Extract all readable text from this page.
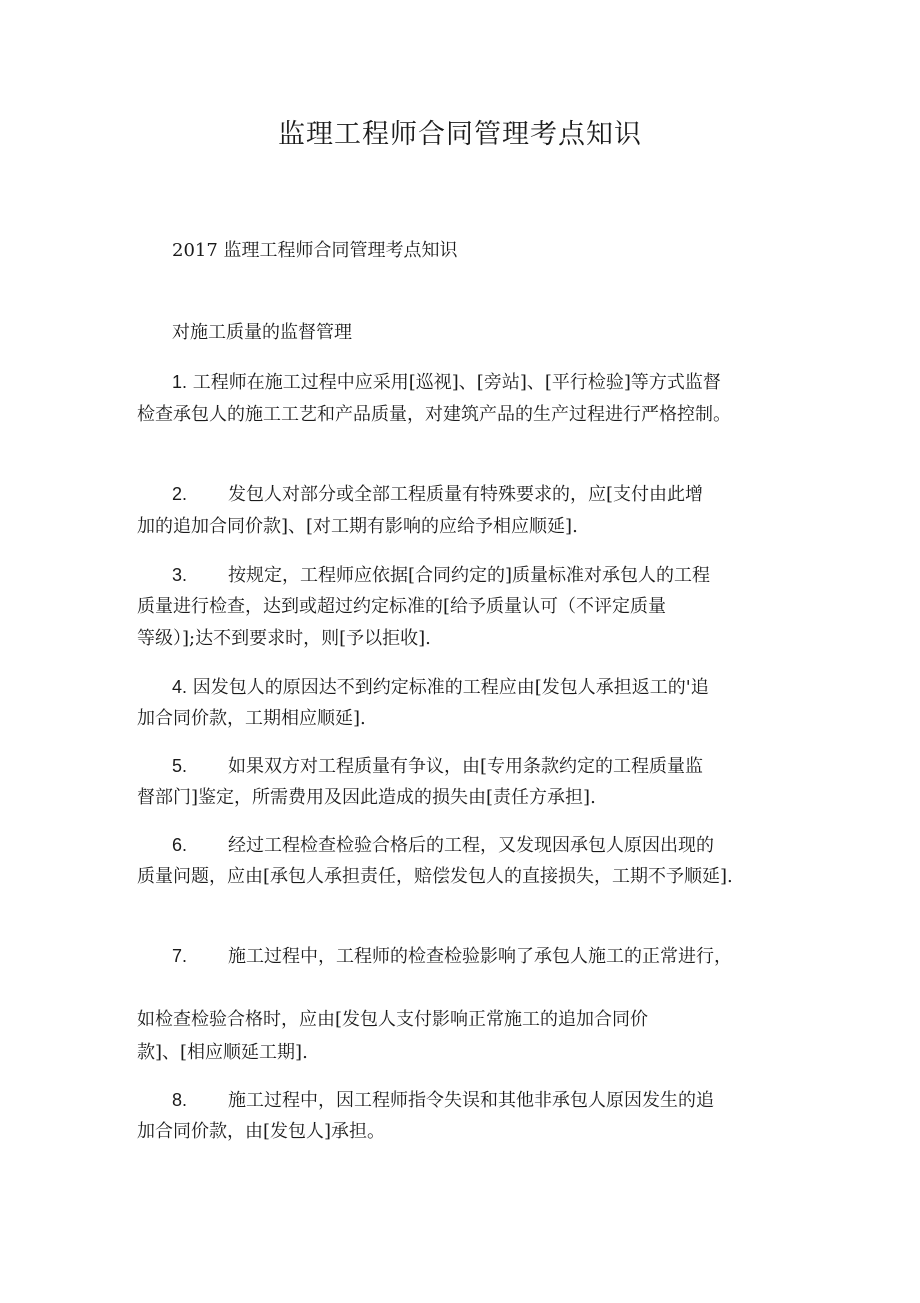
监理工程师合同管理考点知识
2017 监理工程师合同管理考点知识
对施工质量的监督管理
1. 工程师在施工过程中应采用[巡视]、[旁站]、[平行检验]等方式监督
检查承包人的施工工艺和产品质量，对建筑产品的生产过程进行严格控制。
2. 发包人对部分或全部工程质量有特殊要求的，应[支付由此增
加的追加合同价款]、[对工期有影响的应给予相应顺延].
3. 按规定，工程师应依据[合同约定的]质量标准对承包人的工程
质量进行检查，达到或超过约定标准的[给予质量认可（不评定质量
等级）];达不到要求时，则[予以拒收].
4. 因发包人的原因达不到约定标准的工程应由[发包人承担返工的'追
加合同价款，工期相应顺延].
5. 如果双方对工程质量有争议，由[专用条款约定的工程质量监
督部门]鉴定，所需费用及因此造成的损失由[责任方承担].
6. 经过工程检查检验合格后的工程，又发现因承包人原因出现的
质量问题，应由[承包人承担责任，赔偿发包人的直接损失，工期不予顺延].
7. 施工过程中，工程师的检查检验影响了承包人施工的正常进行，
如检查检验合格时，应由[发包人支付影响正常施工的追加合同价
款]、[相应顺延工期].
8. 施工过程中，因工程师指令失误和其他非承包人原因发生的追
加合同价款，由[发包人]承担。
